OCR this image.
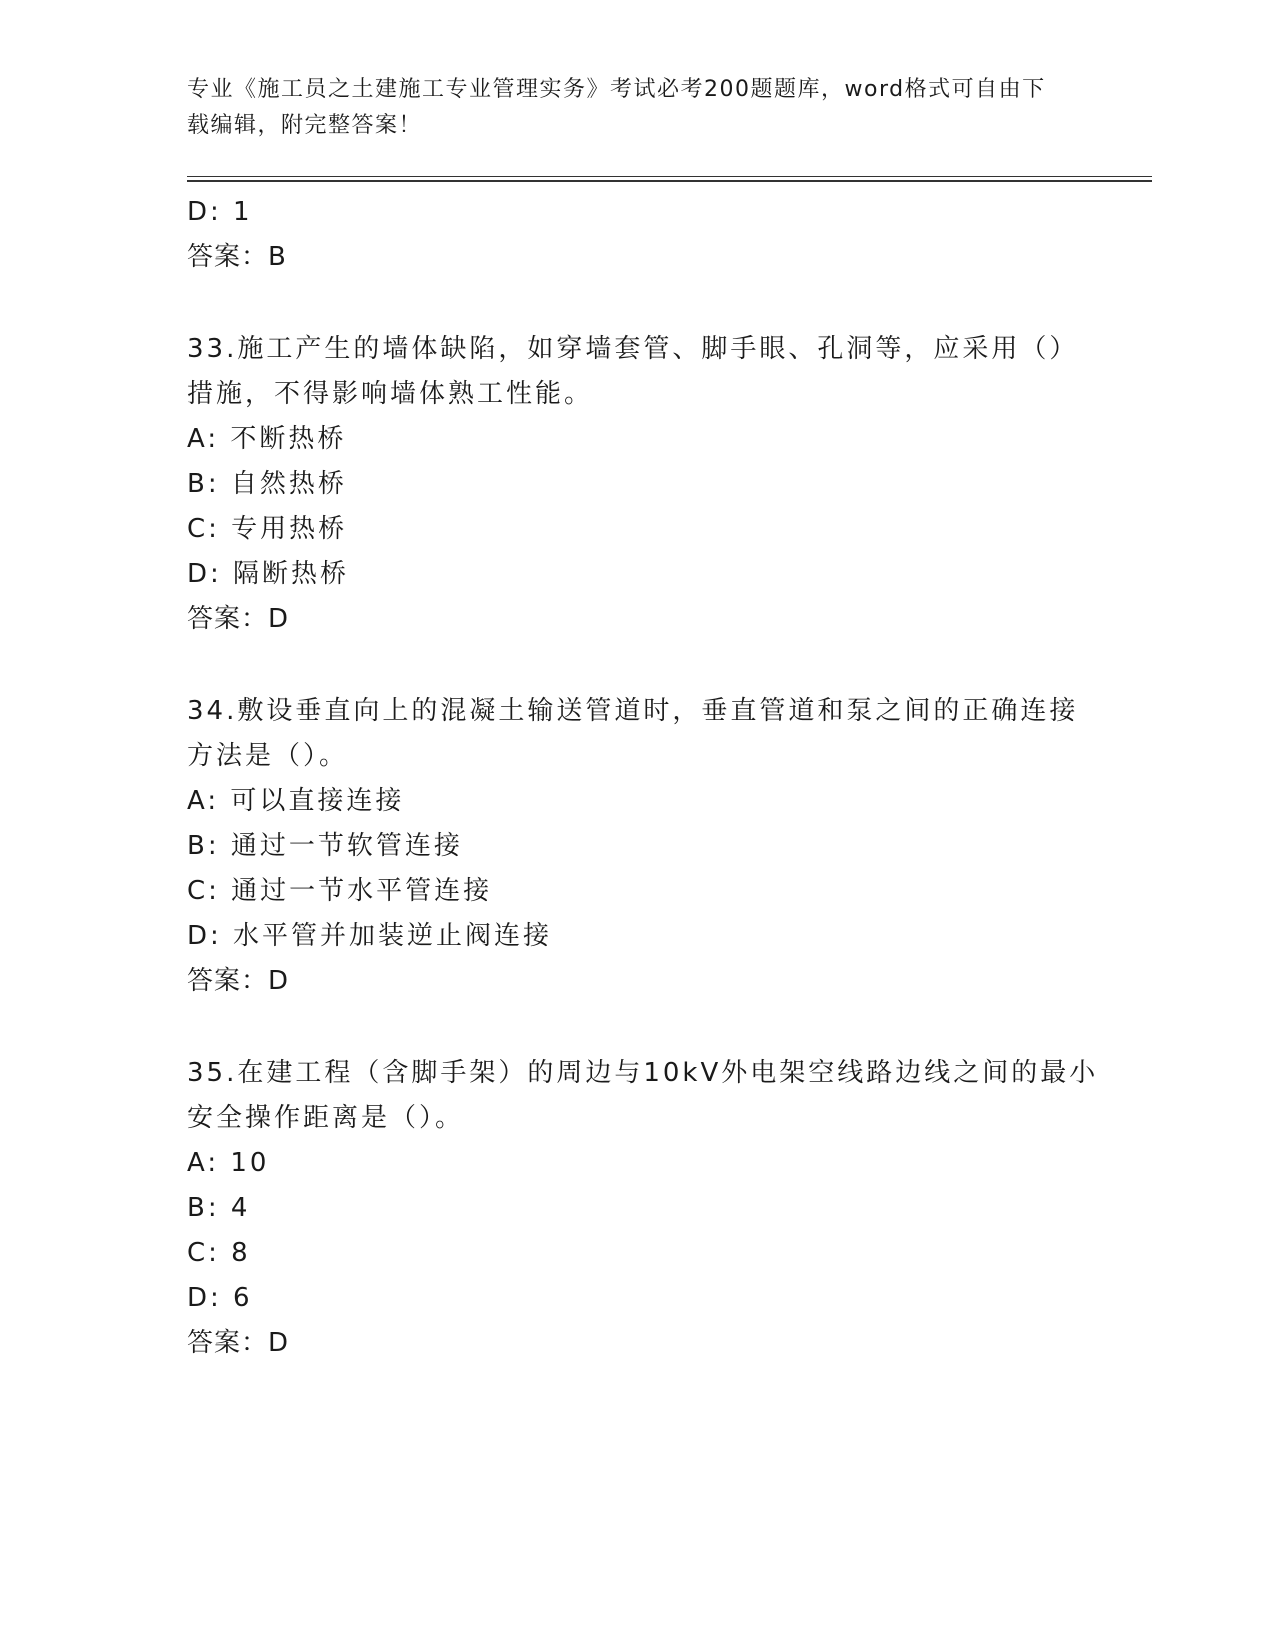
专业《施工员之土建施工专业管理实务》考试必考200题题库，word格式可自由下载编辑，附完整答案！
D: 1
答案：B
33.施工产生的墙体缺陷，如穿墙套管、脚手眼、孔洞等，应采用（）措施，不得影响墙体熟工性能。
A: 不断热桥
B: 自然热桥
C: 专用热桥
D: 隔断热桥
答案：D
34.敷设垂直向上的混凝土输送管道时，垂直管道和泵之间的正确连接方法是（）。
A: 可以直接连接
B: 通过一节软管连接
C: 通过一节水平管连接
D: 水平管并加装逆止阀连接
答案：D
35.在建工程（含脚手架）的周边与10kV外电架空线路边线之间的最小安全操作距离是（）。
A: 10
B: 4
C: 8
D: 6
答案：D
